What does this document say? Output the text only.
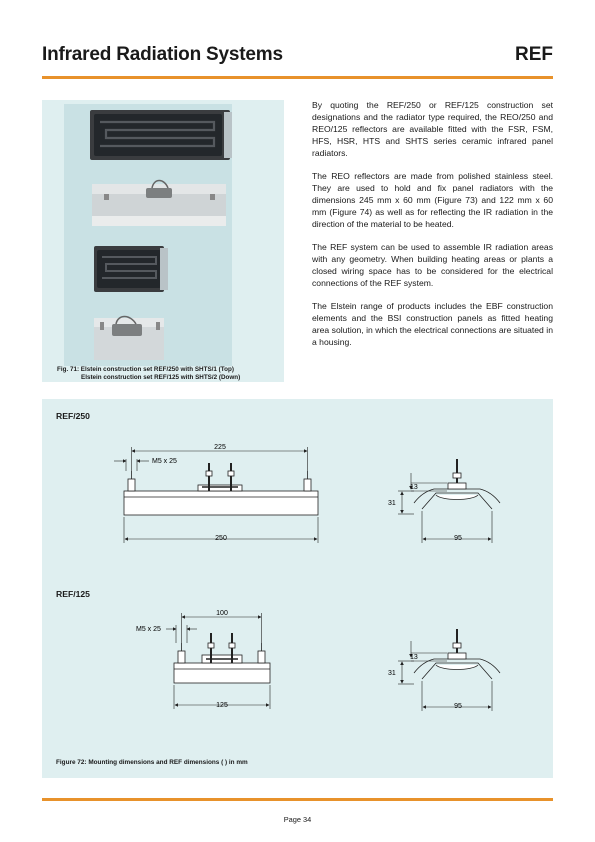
Infrared Radiation Systems	REF
Fig. 71: Elstein construction set REF/250 with SHTS/1 (Top)
Elstein construction set REF/125 with SHTS/2 (Down)

By quoting the REF/250 or REF/125 construction set designations and the radiator type required, the REO/250 and REO/125 reflectors are available fitted with the FSR, FSM, HFS, HSR, HTS and SHTS series ceramic infrared panel radiators.

The REO reflectors are made from polished stainless steel. They are used to hold and fix panel radiators with the dimensions 245 mm x 60 mm (Figure 73) and 122 mm x 60 mm (Figure 74) as well as for reflecting the IR radiation in the direction of the material to be heated.

The REF system can be used to assemble IR radiation areas with any geometry. When building heating areas or plants a closed wiring space has to be considered for the electrical connections of the REF system.

The Elstein range of products includes the EBF construction elements and the BSI construction panels as fitted heating area solution, in which the electrical connections are situated in a housing.

REF/250
REF/125
225
M5 x 25
250
13
31
95
100
M5 x 25
125
13
31
95
Figure 72: Mounting dimensions and REF dimensions ( ) in mm
Page 34
